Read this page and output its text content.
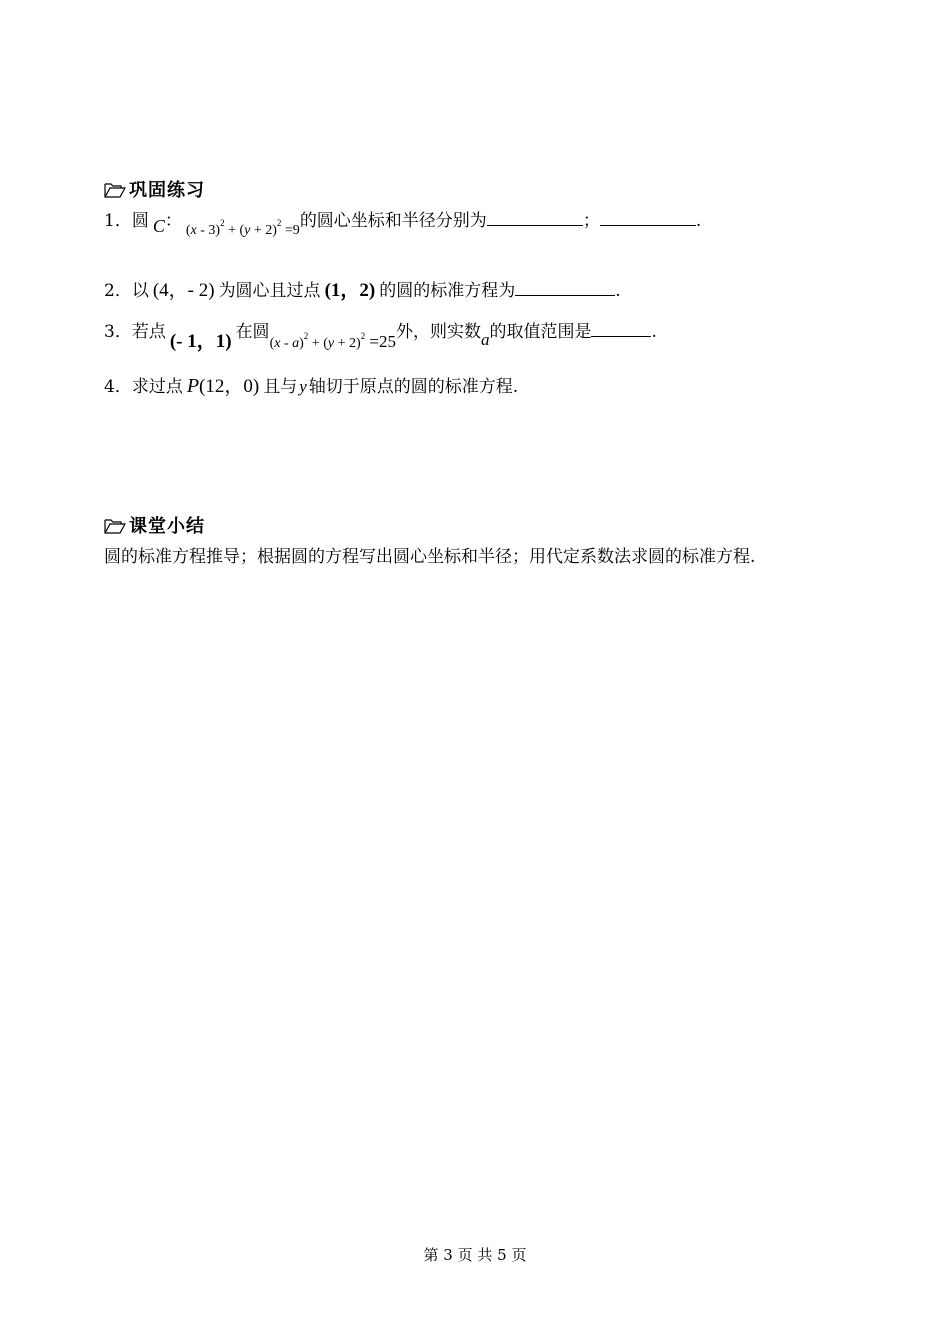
巩固练习
1．圆 C： $_{(x - 3)^2 + (y + 2)^2 =9}$的圆心坐标和半径分别为	；	.
2．以 (4，- 2) 为圆心且过点 (1，2) 的圆的标准方程为	.
3．若点 (- 1，1) 在圆$_{(x - a)^2 + (y + 2)^2 =25}$外，则实数a的取值范围是	.
4．求过点 P(12，0) 且与 y 轴切于原点的圆的标准方程.
课堂小结
圆的标准方程推导；根据圆的方程写出圆心坐标和半径；用代定系数法求圆的标准方程.
第 3 页 共 5 页
